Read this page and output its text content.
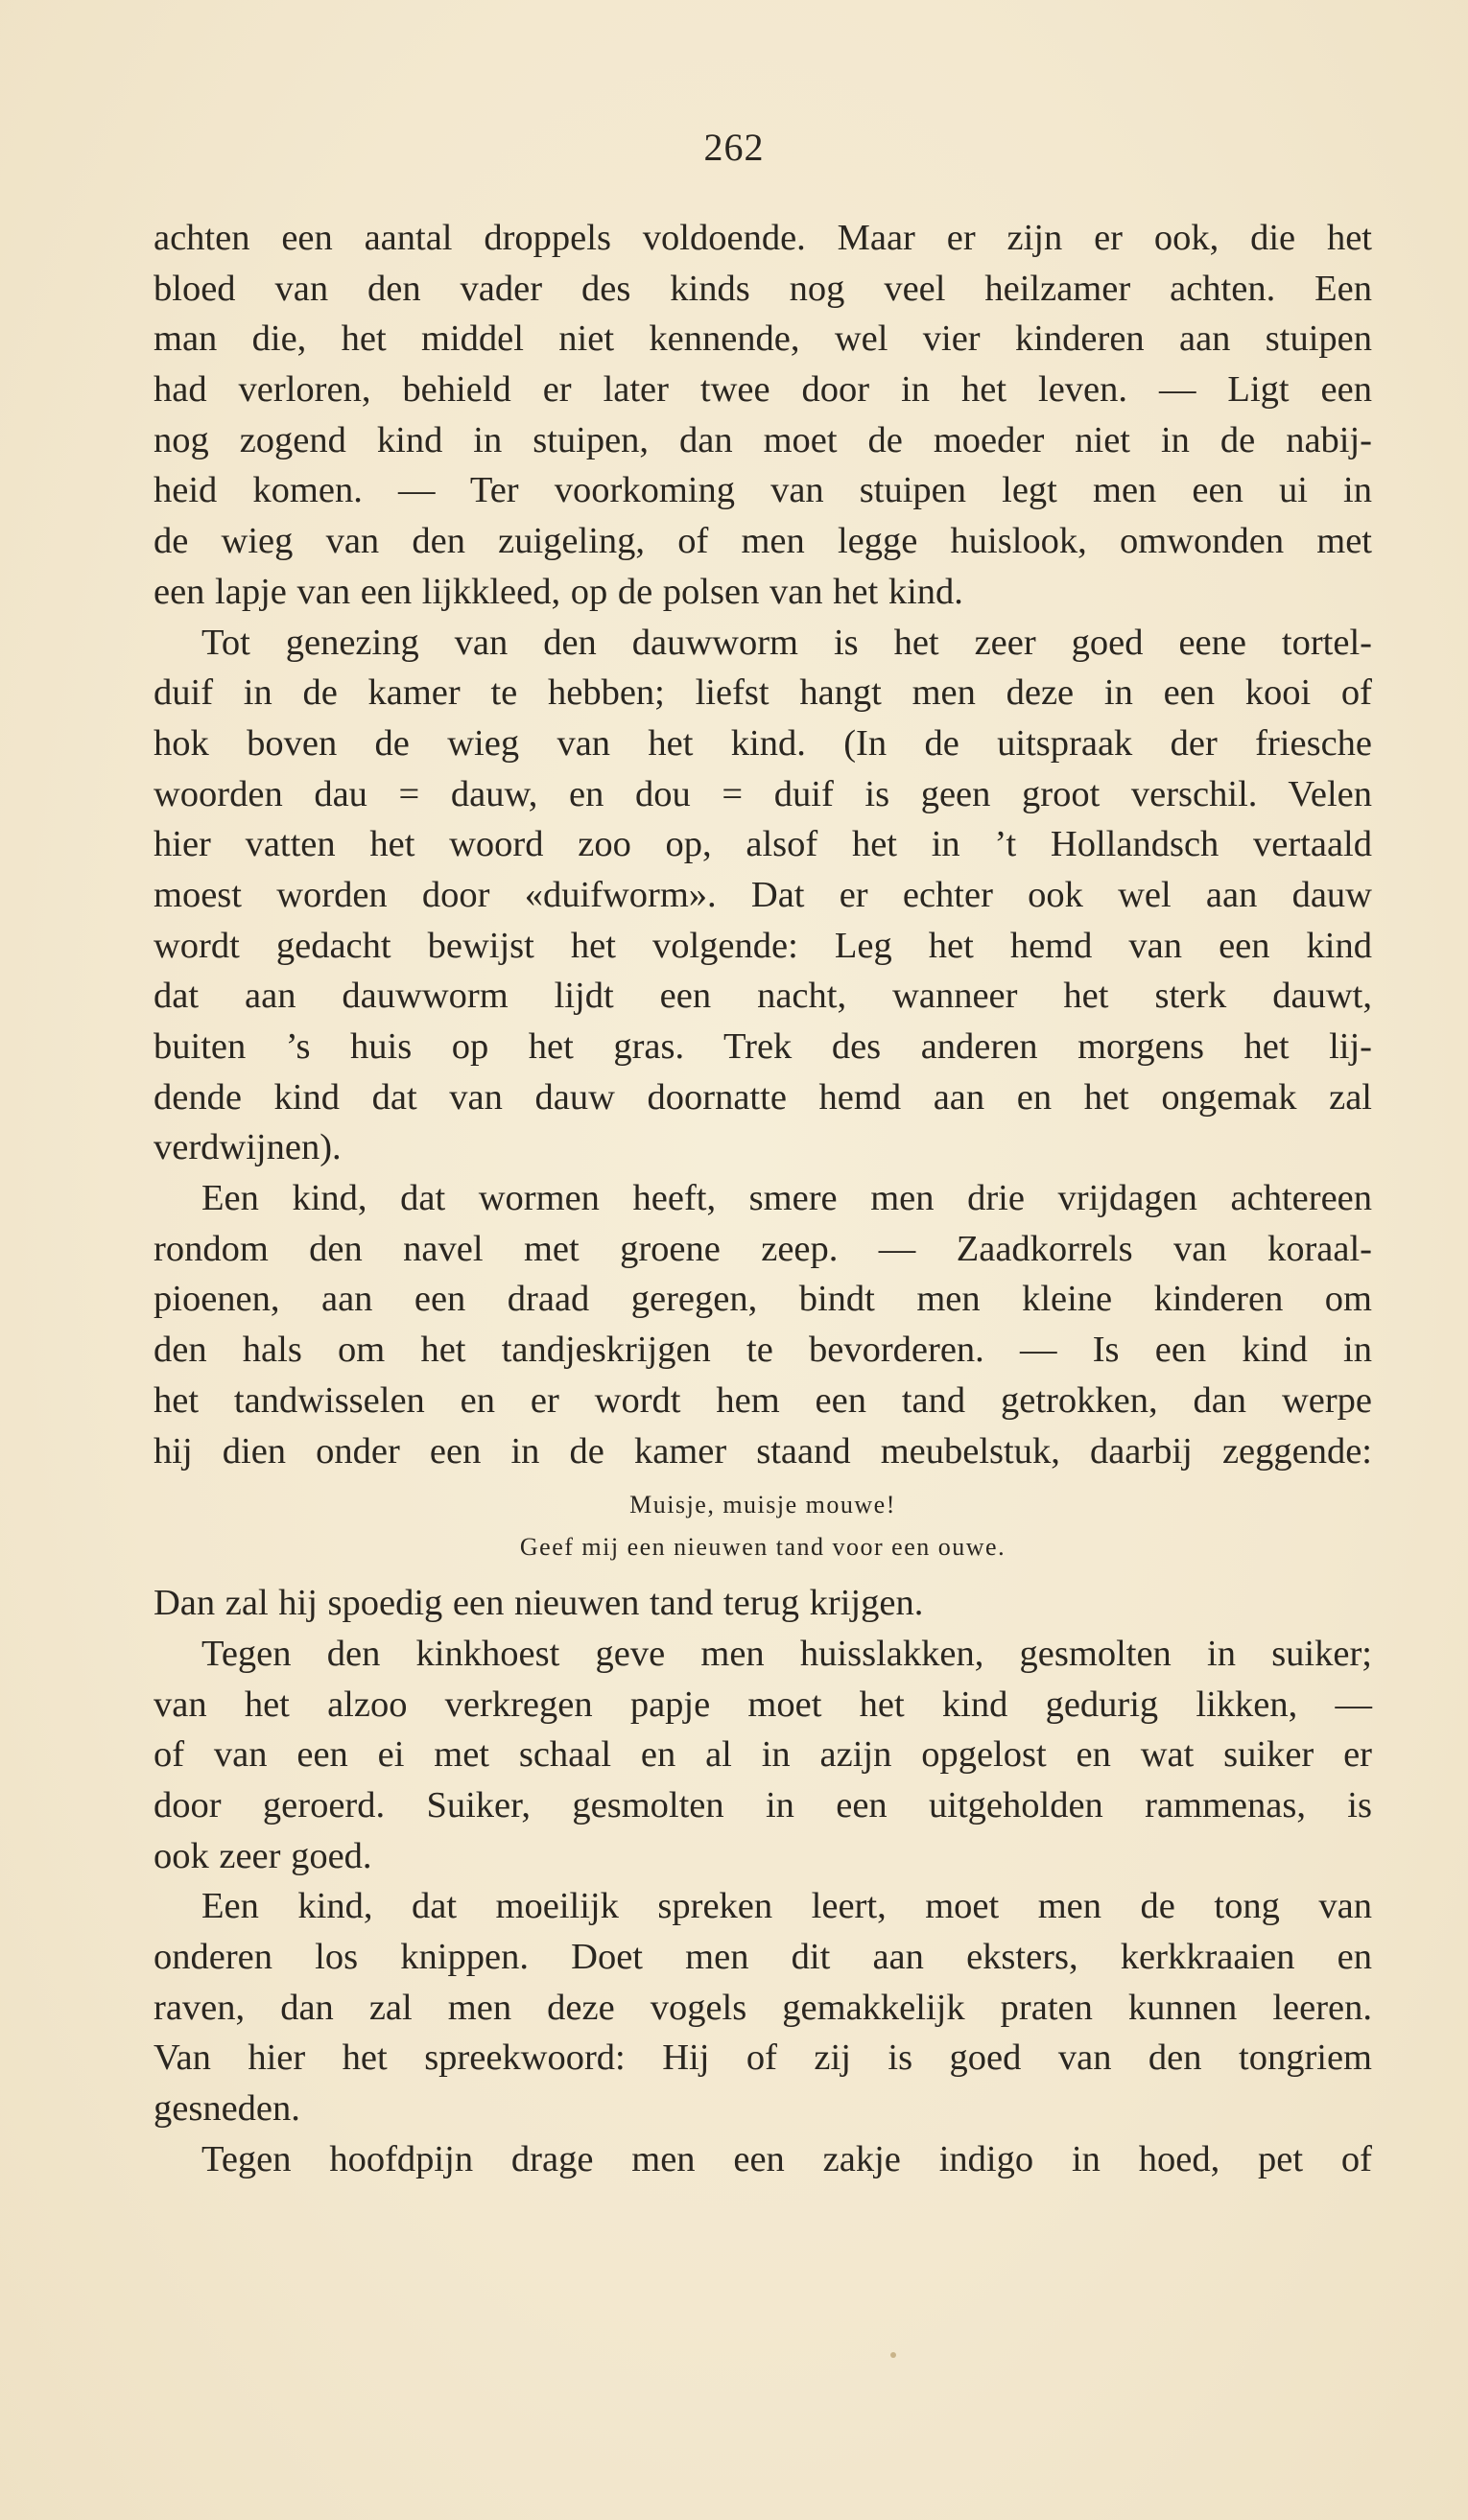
262
achten een aantal droppels voldoende. Maar er zijn er ook, die het
bloed van den vader des kinds nog veel heilzamer achten. Een
man die, het middel niet kennende, wel vier kinderen aan stuipen
had verloren, behield er later twee door in het leven. — Ligt een
nog zogend kind in stuipen, dan moet de moeder niet in de nabij-
heid komen. — Ter voorkoming van stuipen legt men een ui in
de wieg van den zuigeling, of men legge huislook, omwonden met
een lapje van een lijkkleed, op de polsen van het kind.
Tot genezing van den dauwworm is het zeer goed eene tortel-
duif in de kamer te hebben; liefst hangt men deze in een kooi of
hok boven de wieg van het kind. (In de uitspraak der friesche
woorden dau = dauw, en dou = duif is geen groot verschil. Velen
hier vatten het woord zoo op, alsof het in ’t Hollandsch vertaald
moest worden door «duifworm». Dat er echter ook wel aan dauw
wordt gedacht bewijst het volgende: Leg het hemd van een kind
dat aan dauwworm lijdt een nacht, wanneer het sterk dauwt,
buiten ’s huis op het gras. Trek des anderen morgens het lij-
dende kind dat van dauw doornatte hemd aan en het ongemak zal
verdwijnen).
Een kind, dat wormen heeft, smere men drie vrijdagen achtereen
rondom den navel met groene zeep. — Zaadkorrels van koraal-
pioenen, aan een draad geregen, bindt men kleine kinderen om
den hals om het tandjeskrijgen te bevorderen. — Is een kind in
het tandwisselen en er wordt hem een tand getrokken, dan werpe
hij dien onder een in de kamer staand meubelstuk, daarbij zeggende:
Muisje, muisje mouwe!
Geef mij een nieuwen tand voor een ouwe.
Dan zal hij spoedig een nieuwen tand terug krijgen.
Tegen den kinkhoest geve men huisslakken, gesmolten in suiker;
van het alzoo verkregen papje moet het kind gedurig likken, —
of van een ei met schaal en al in azijn opgelost en wat suiker er
door geroerd. Suiker, gesmolten in een uitgeholden rammenas, is
ook zeer goed.
Een kind, dat moeilijk spreken leert, moet men de tong van
onderen los knippen. Doet men dit aan eksters, kerkkraaien en
raven, dan zal men deze vogels gemakkelijk praten kunnen leeren.
Van hier het spreekwoord: Hij of zij is goed van den tongriem
gesneden.
Tegen hoofdpijn drage men een zakje indigo in hoed, pet of
